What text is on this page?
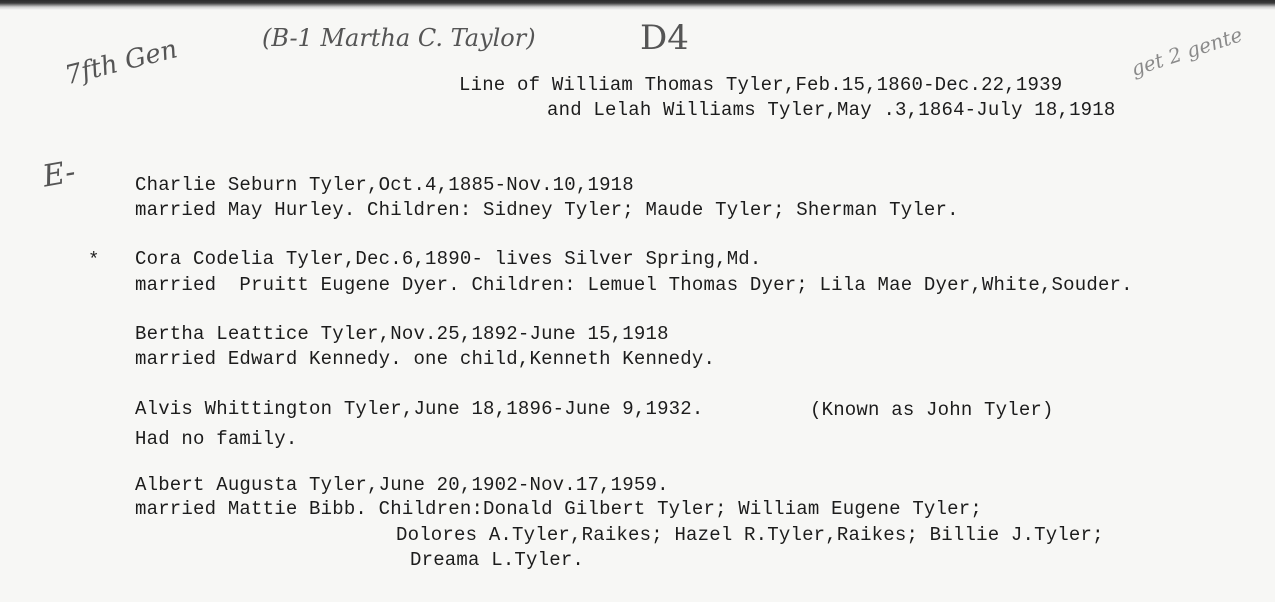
7fth Gen	(B-1 Martha C. Taylor)	D4
E-
get 2 gente
Line of William Thomas Tyler,Feb.15,1860-Dec.22,1939
and Lelah Williams Tyler,May .3,1864-July 18,1918
Charlie Seburn Tyler,Oct.4,1885-Nov.10,1918
married May Hurley. Children: Sidney Tyler; Maude Tyler; Sherman Tyler.
* Cora Codelia Tyler,Dec.6,1890- lives Silver Spring,Md.
married  Pruitt Eugene Dyer. Children: Lemuel Thomas Dyer; Lila Mae Dyer,White,Souder.
Bertha Leattice Tyler,Nov.25,1892-June 15,1918
married Edward Kennedy. one child,Kenneth Kennedy.
Alvis Whittington Tyler,June 18,1896-June 9,1932.	(Known as John Tyler)
Had no family.
Albert Augusta Tyler,June 20,1902-Nov.17,1959.
married Mattie Bibb. Children:Donald Gilbert Tyler; William Eugene Tyler;
Dolores A.Tyler,Raikes; Hazel R.Tyler,Raikes; Billie J.Tyler;
Dreama L.Tyler.
